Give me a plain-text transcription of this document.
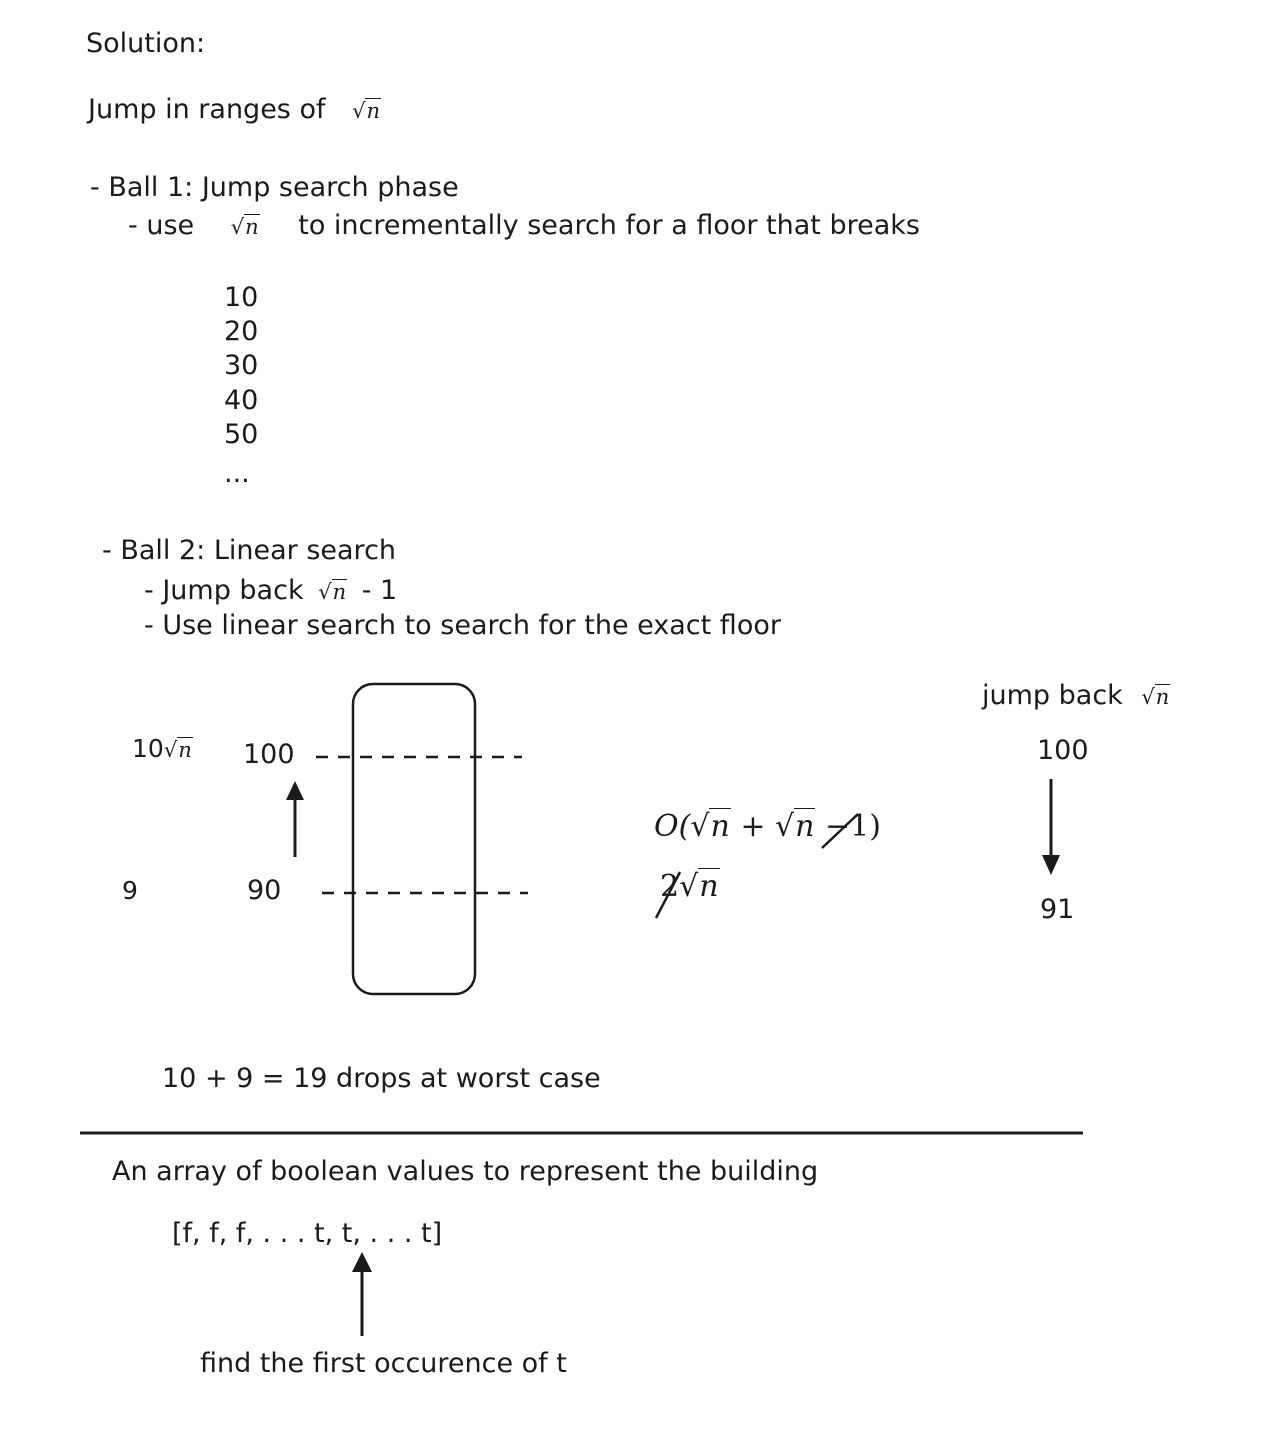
Solution:
Jump in ranges of √n
- Ball 1: Jump search phase
- use √n to incrementally search for a floor that breaks
10
20
30
40
50
...
- Ball 2: Linear search
- Jump back √n - 1
- Use linear search to search for the exact floor
10√n
9
100
90
O(√n + √n −1)
2√n
jump back √n
100
91
10 + 9 = 19 drops at worst case
An array of boolean values to represent the building
[f, f, f, . . . t, t, . . . t]
find the first occurence of t
